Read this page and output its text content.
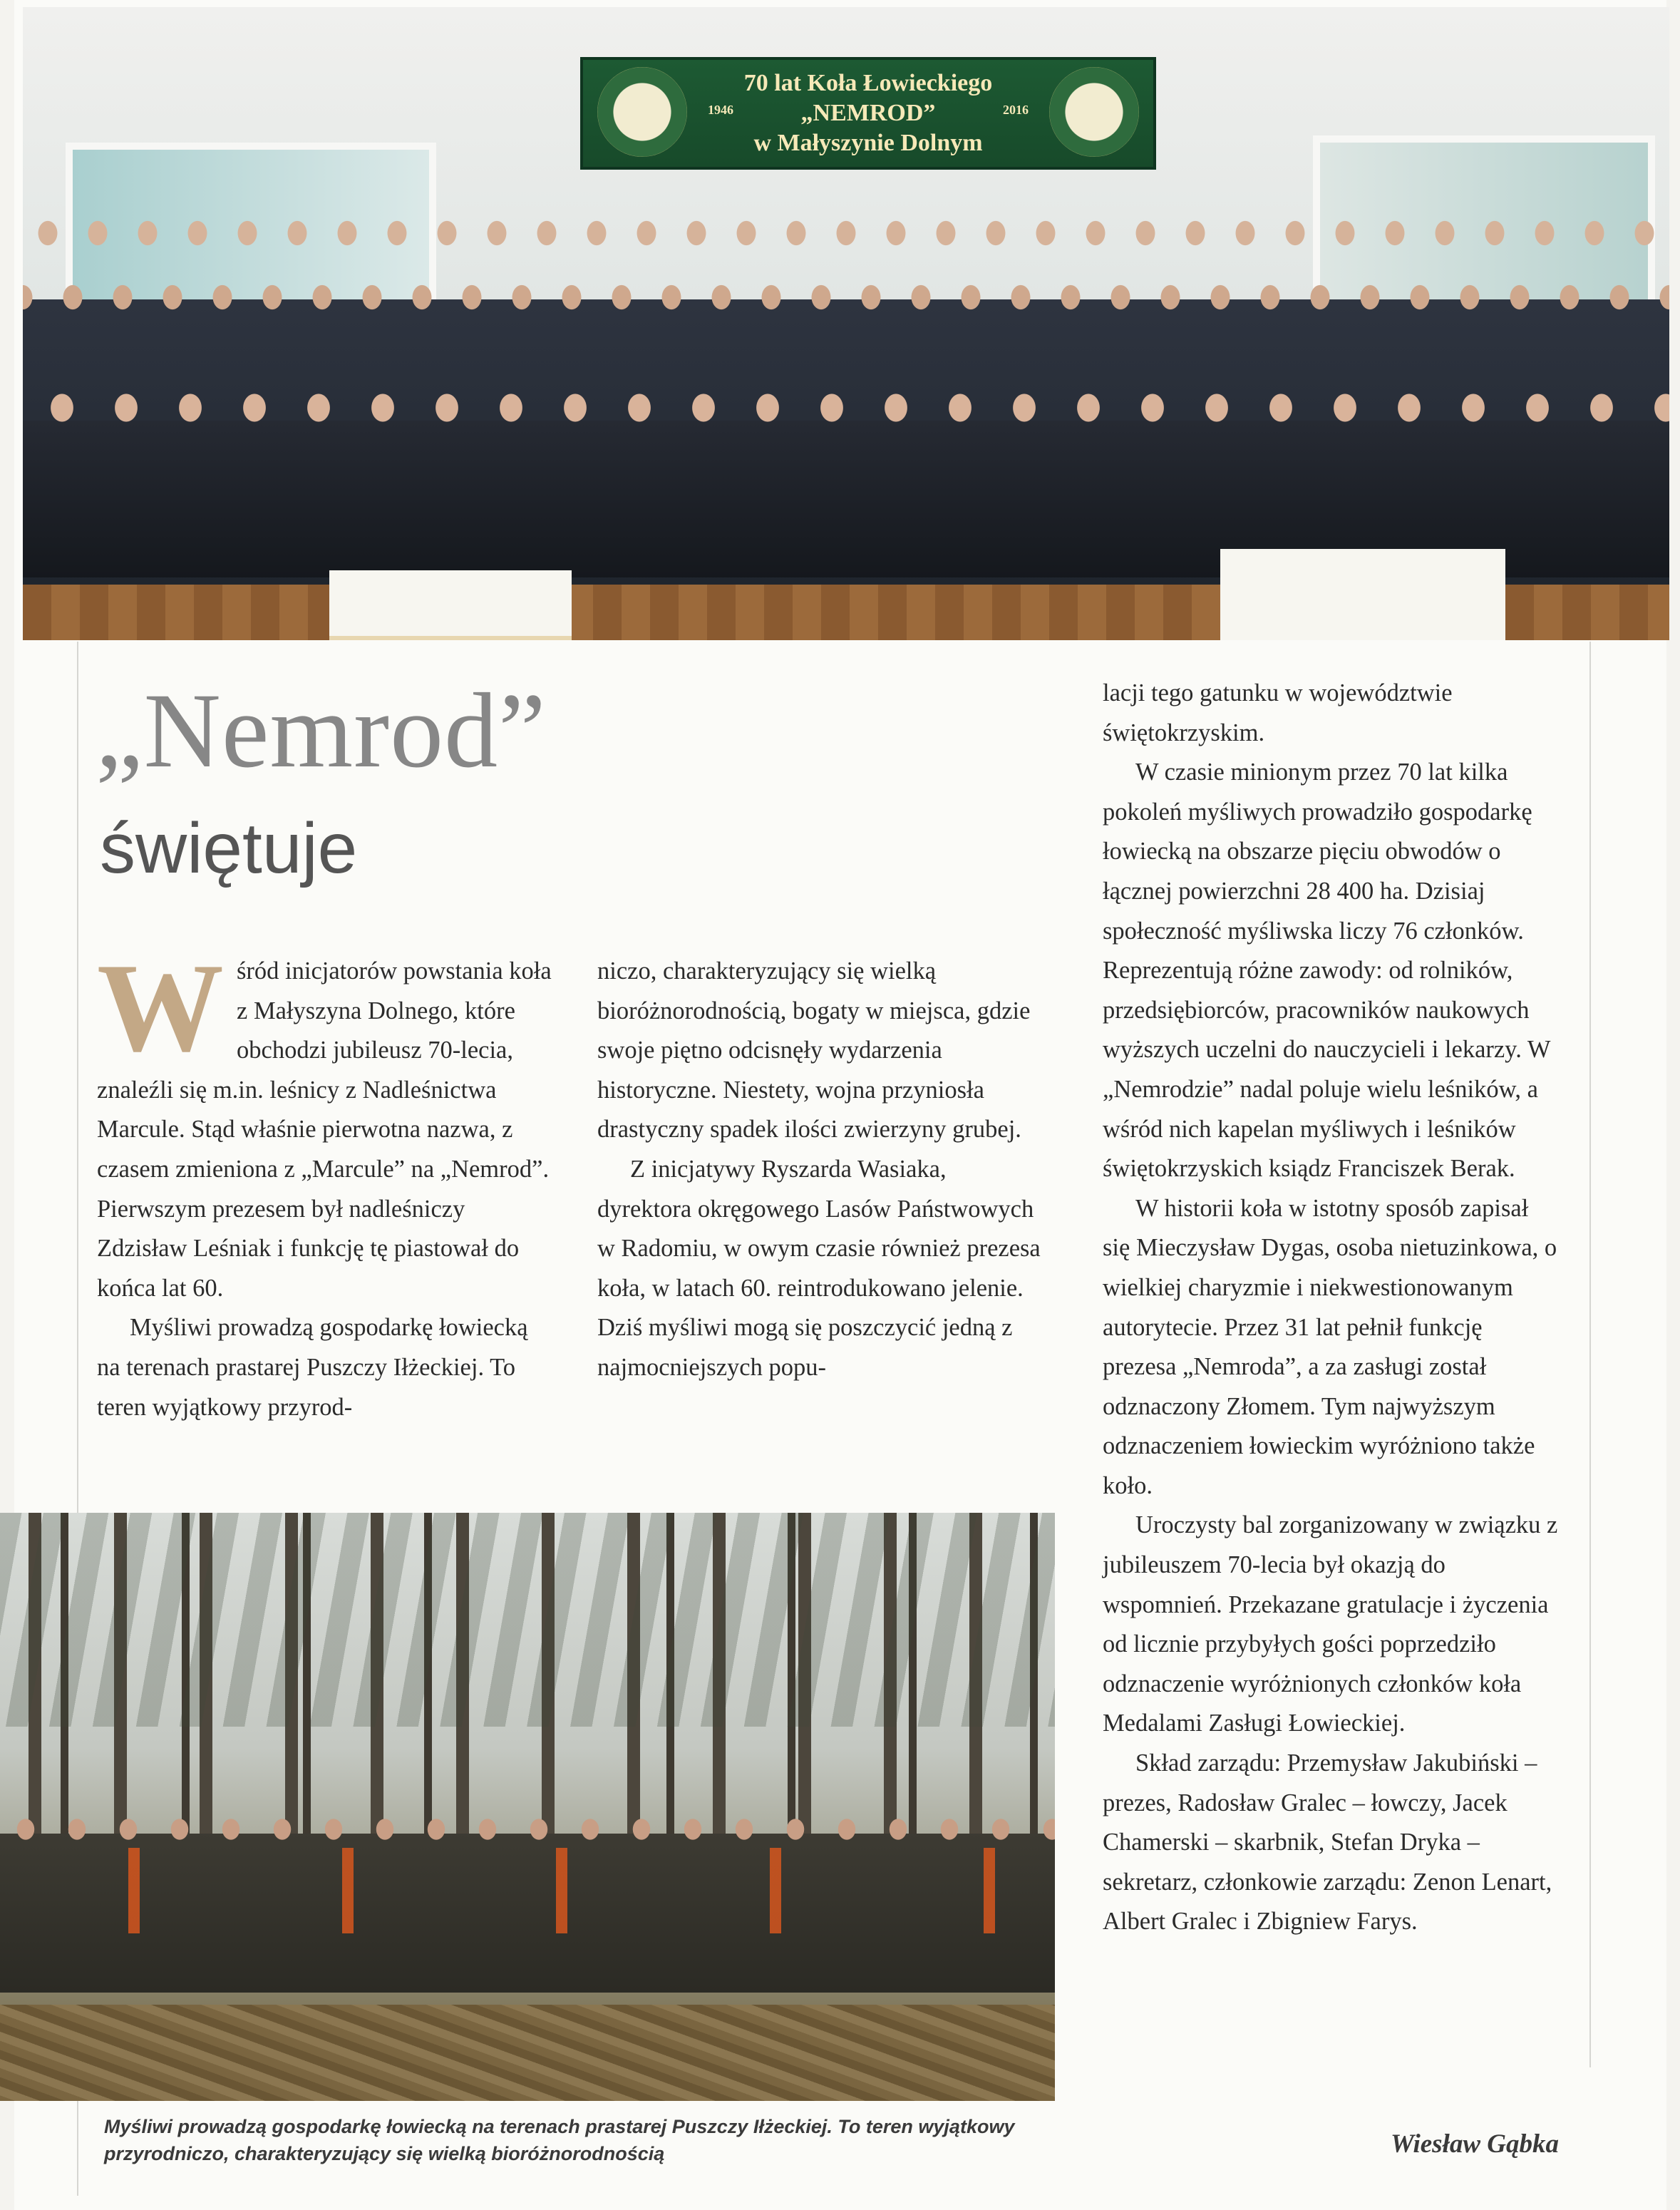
1946	2016
70 lat Koła Łowieckiego
„NEMROD”
w Małyszynie Dolnym
„Nemrod”
świętuje

Wśród inicjatorów powstania koła z Małyszyna Dolnego, które obchodzi jubileusz 70-lecia, znaleźli się m.in. leśnicy z Nadleśnictwa Marcule. Stąd właśnie pierwotna nazwa, z czasem zmieniona z „Marcule” na „Nemrod”. Pierwszym prezesem był nadleśniczy Zdzisław Leśniak i funkcję tę piastował do końca lat 60.

Myśliwi prowadzą gospodarkę łowiecką na terenach prastarej Puszczy Iłżeckiej. To teren wyjątkowy przyrod-

niczo, charakteryzujący się wielką bioróżnorodnością, bogaty w miejsca, gdzie swoje piętno odcisnęły wydarzenia historyczne. Niestety, wojna przyniosła drastyczny spadek ilości zwierzyny grubej.

Z inicjatywy Ryszarda Wasiaka, dyrektora okręgowego Lasów Państwowych w Radomiu, w owym czasie również prezesa koła, w latach 60. reintrodukowano jelenie. Dziś myśliwi mogą się poszczycić jedną z najmocniejszych popu-

lacji tego gatunku w województwie świętokrzyskim.

W czasie minionym przez 70 lat kilka pokoleń myśliwych prowadziło gospodarkę łowiecką na obszarze pięciu obwodów o łącznej powierzchni 28 400 ha. Dzisiaj społeczność myśliwska liczy 76 członków. Reprezentują różne zawody: od rolników, przedsiębiorców, pracowników naukowych wyższych uczelni do nauczycieli i lekarzy. W „Nemrodzie” nadal poluje wielu leśników, a wśród nich kapelan myśliwych i leśników świętokrzyskich ksiądz Franciszek Berak.

W historii koła w istotny sposób zapisał się Mieczysław Dygas, osoba nietuzinkowa, o wielkiej charyzmie i niekwestionowanym autorytecie. Przez 31 lat pełnił funkcję prezesa „Nemroda”, a za zasługi został odznaczony Złomem. Tym najwyższym odznaczeniem łowieckim wyróżniono także koło.

Uroczysty bal zorganizowany w związku z jubileuszem 70-lecia był okazją do wspomnień. Przekazane gratulacje i życzenia od licznie przybyłych gości poprzedziło odznaczenie wyróżnionych członków koła Medalami Zasługi Łowieckiej.

Skład zarządu: Przemysław Jakubiński – prezes, Radosław Gralec – łowczy, Jacek Chamerski – skarbnik, Stefan Dryka – sekretarz, członkowie zarządu: Zenon Lenart, Albert Gralec i Zbigniew Farys.

Myśliwi prowadzą gospodarkę łowiecką na terenach prastarej Puszczy Iłżeckiej. To teren wyjątkowy przyrodniczo, charakteryzujący się wielką bioróżnorodnością	Wiesław Gąbka
